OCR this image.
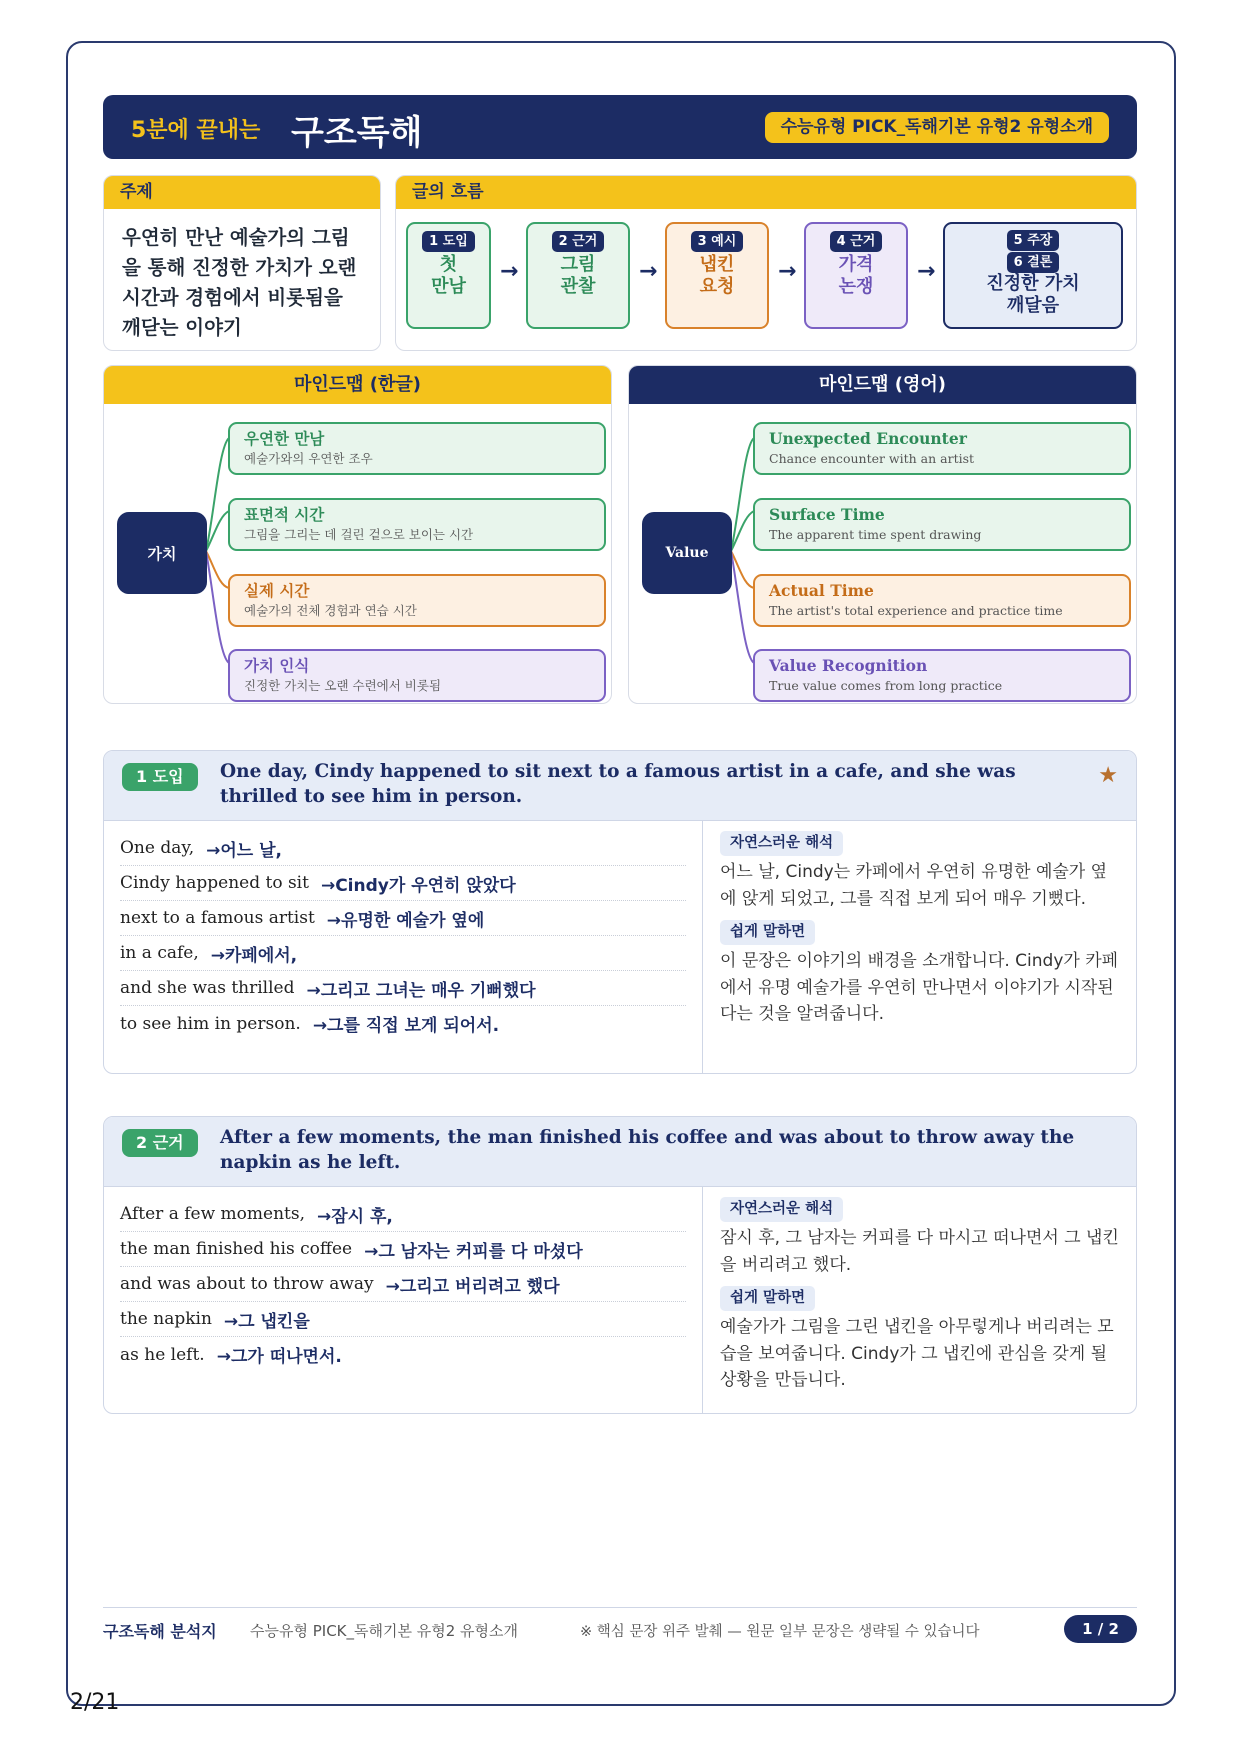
5분에 끝내는 구조독해	수능유형 PICK_독해기본 유형2 유형소개
주제
우연히 만난 예술가의 그림을 통해 진정한 가치가 오랜 시간과 경험에서 비롯됨을 깨닫는 이야기
글의 흐름
1 도입
첫
만남
→
2 근거
그림
관찰
→
3 예시
냅킨
요청
→
4 근거
가격
논쟁
→
5 주장
6 결론
진정한 가치
깨달음
마인드맵 (한글)
가치
우연한 만남
예술가와의 우연한 조우
표면적 시간
그림을 그리는 데 걸린 겉으로 보이는 시간
실제 시간
예술가의 전체 경험과 연습 시간
가치 인식
진정한 가치는 오랜 수련에서 비롯됨
마인드맵 (영어)
Value
Unexpected Encounter
Chance encounter with an artist
Surface Time
The apparent time spent drawing
Actual Time
The artist's total experience and practice time
Value Recognition
True value comes from long practice
1 도입	One day, Cindy happened to sit next to a famous artist in a cafe, and she was thrilled to see him in person.
★
One day, →어느 날,
Cindy happened to sit →Cindy가 우연히 앉았다
next to a famous artist →유명한 예술가 옆에
in a cafe, →카페에서,
and she was thrilled →그리고 그녀는 매우 기뻐했다
to see him in person. →그를 직접 보게 되어서.
자연스러운 해석
어느 날, Cindy는 카페에서 우연히 유명한 예술가 옆에 앉게 되었고, 그를 직접 보게 되어 매우 기뻤다.
쉽게 말하면
이 문장은 이야기의 배경을 소개합니다. Cindy가 카페에서 유명 예술가를 우연히 만나면서 이야기가 시작된다는 것을 알려줍니다.
2 근거	After a few moments, the man finished his coffee and was about to throw away the napkin as he left.
After a few moments, →잠시 후,
the man finished his coffee →그 남자는 커피를 다 마셨다
and was about to throw away →그리고 버리려고 했다
the napkin →그 냅킨을
as he left. →그가 떠나면서.
자연스러운 해석
잠시 후, 그 남자는 커피를 다 마시고 떠나면서 그 냅킨을 버리려고 했다.
쉽게 말하면
예술가가 그림을 그린 냅킨을 아무렇게나 버리려는 모습을 보여줍니다. Cindy가 그 냅킨에 관심을 갖게 될 상황을 만듭니다.
구조독해 분석지 수능유형 PICK_독해기본 유형2 유형소개	※ 핵심 문장 위주 발췌 — 원문 일부 문장은 생략될 수 있습니다	1 / 2
2/21
